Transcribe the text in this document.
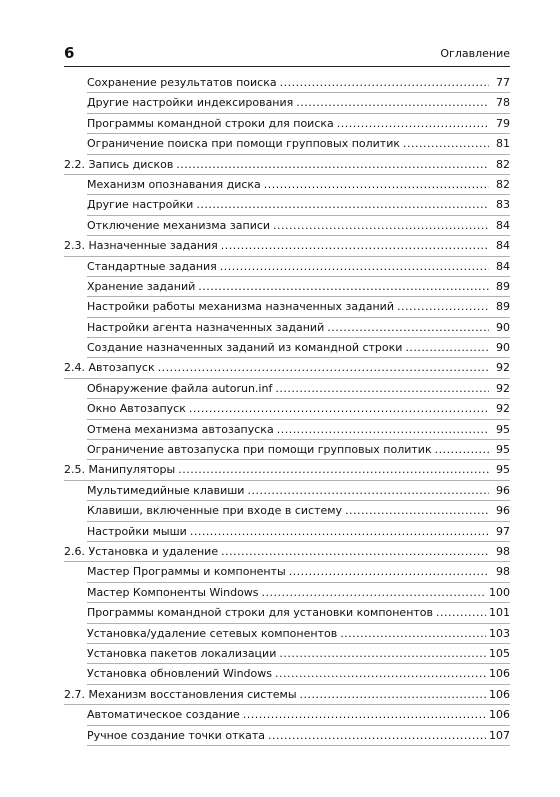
6	Оглавление
Сохранение результатов поиска .....	77
Другие настройки индексирования .....	78
Программы командной строки для поиска .....	79
Ограничение поиска при помощи групповых политик .....	81
2.2. Запись дисков .....	82
Механизм опознавания диска .....	82
Другие настройки .....	83
Отключение механизма записи .....	84
2.3. Назначенные задания .....	84
Стандартные задания .....	84
Хранение заданий .....	89
Настройки работы механизма назначенных заданий .....	89
Настройки агента назначенных заданий .....	90
Создание назначенных заданий из командной строки .....	90
2.4. Автозапуск .....	92
Обнаружение файла autorun.inf .....	92
Окно Автозапуск .....	92
Отмена механизма автозапуска .....	95
Ограничение автозапуска при помощи групповых политик .....	95
2.5. Манипуляторы .....	95
Мультимедийные клавиши .....	96
Клавиши, включенные при входе в систему .....	96
Настройки мыши .....	97
2.6. Установка и удаление .....	98
Мастер Программы и компоненты .....	98
Мастер Компоненты Windows .....	100
Программы командной строки для установки компонентов .....	101
Установка/удаление сетевых компонентов .....	103
Установка пакетов локализации .....	105
Установка обновлений Windows .....	106
2.7. Механизм восстановления системы .....	106
Автоматическое создание .....	106
Ручное создание точки отката .....	107
